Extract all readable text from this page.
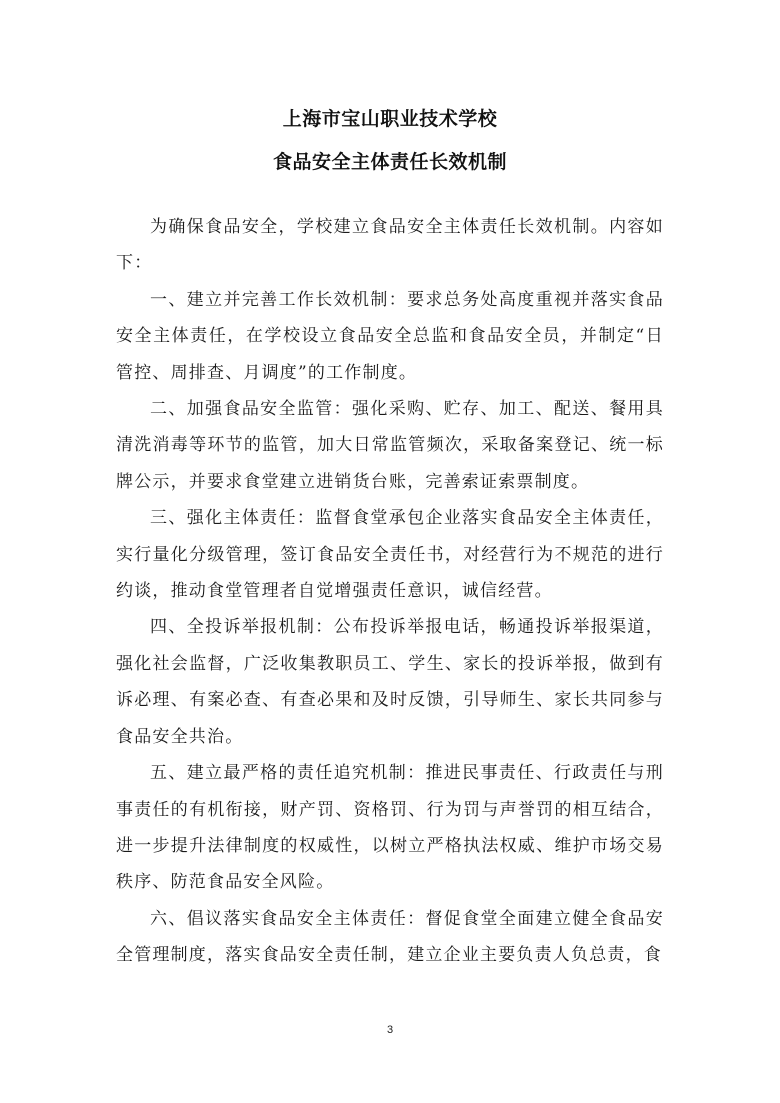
上海市宝山职业技术学校
食品安全主体责任长效机制

为确保食品安全，学校建立食品安全主体责任长效机制。内容如下：

一、建立并完善工作长效机制：要求总务处高度重视并落实食品安全主体责任，在学校设立食品安全总监和食品安全员，并制定“日管控、周排查、月调度”的工作制度。

二、加强食品安全监管：强化采购、贮存、加工、配送、餐用具清洗消毒等环节的监管，加大日常监管频次，采取备案登记、统一标牌公示，并要求食堂建立进销货台账，完善索证索票制度。

三、强化主体责任：监督食堂承包企业落实食品安全主体责任，实行量化分级管理，签订食品安全责任书，对经营行为不规范的进行约谈，推动食堂管理者自觉增强责任意识，诚信经营。

四、全投诉举报机制：公布投诉举报电话，畅通投诉举报渠道，强化社会监督，广泛收集教职员工、学生、家长的投诉举报，做到有诉必理、有案必查、有查必果和及时反馈，引导师生、家长共同参与食品安全共治。

五、建立最严格的责任追究机制：推进民事责任、行政责任与刑事责任的有机衔接，财产罚、资格罚、行为罚与声誉罚的相互结合，进一步提升法律制度的权威性，以树立严格执法权威、维护市场交易秩序、防范食品安全风险。

六、倡议落实食品安全主体责任：督促食堂全面建立健全食品安全管理制度，落实食品安全责任制，建立企业主要负责人负总责，食

3
